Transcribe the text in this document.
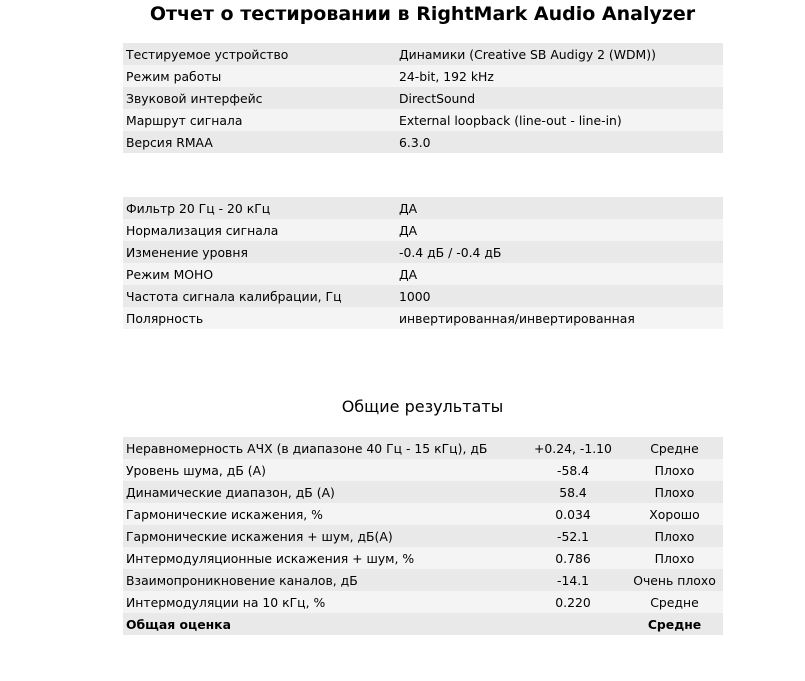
Отчет о тестировании в RightMark Audio Analyzer
Тестируемое устройство	Динамики (Creative SB Audigy 2 (WDM))
Режим работы	24-bit, 192 kHz
Звуковой интерфейс	DirectSound
Маршрут сигнала	External loopback (line-out - line-in)
Версия RMAA	6.3.0
Фильтр 20 Гц - 20 кГц	ДА
Нормализация сигнала	ДА
Изменение уровня	-0.4 дБ / -0.4 дБ
Режим МОНО	ДА
Частота сигнала калибрации, Гц	1000
Полярность	инвертированная/инвертированная
Общие результаты
Неравномерность АЧХ (в диапазоне 40 Гц - 15 кГц), дБ	+0.24, -1.10	Средне
Уровень шума, дБ (А)	-58.4	Плохо
Динамические диапазон, дБ (А)	58.4	Плохо
Гармонические искажения, %	0.034	Хорошо
Гармонические искажения + шум, дБ(А)	-52.1	Плохо
Интермодуляционные искажения + шум, %	0.786	Плохо
Взаимопроникновение каналов, дБ	-14.1	Очень плохо
Интермодуляции на 10 кГц, %	0.220	Средне
Общая оценка		Средне
